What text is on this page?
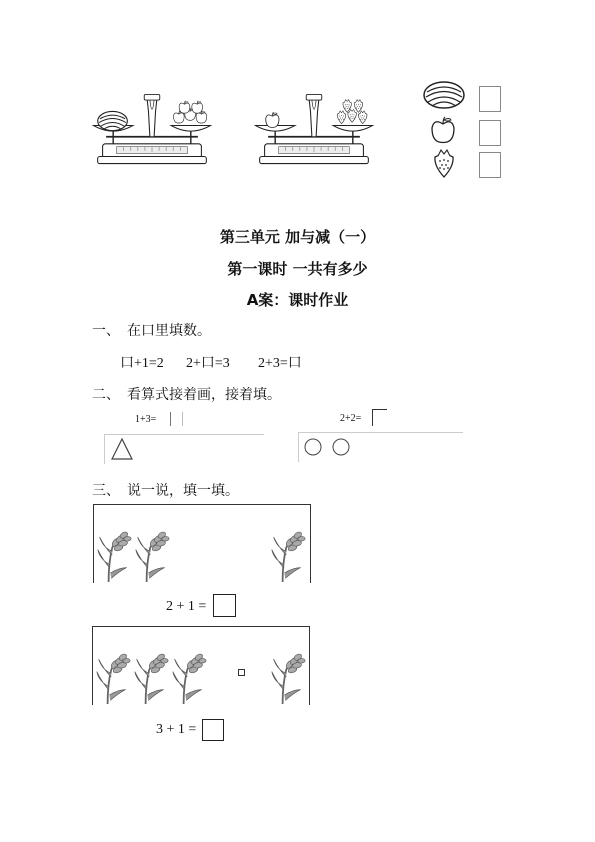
第三单元 加与减（一）
第一课时 一共有多少
A案：课时作业
一、 在口里填数。
口+1=2 2+口=3 2+3=口
二、 看算式接着画，接着填。
1+3=	2+2=
三、 说一说，填一填。
2 + 1 =
3 + 1 =
